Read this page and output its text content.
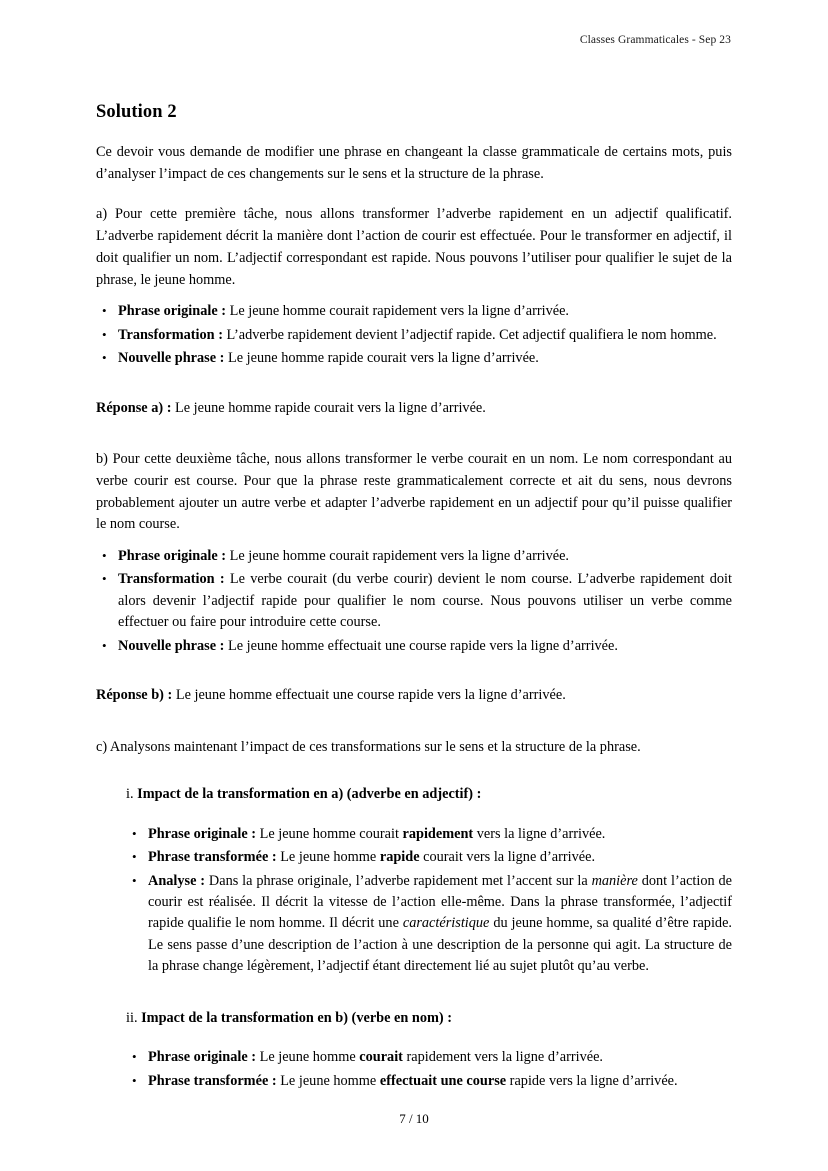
Classes Grammaticales - Sep 23
Solution 2

Ce devoir vous demande de modifier une phrase en changeant la classe grammaticale de certains mots, puis d’analyser l’impact de ces changements sur le sens et la structure de la phrase.

a) Pour cette première tâche, nous allons transformer l’adverbe rapidement en un adjectif qualificatif. L’adverbe rapidement décrit la manière dont l’action de courir est effectuée. Pour le transformer en adjectif, il doit qualifier un nom. L’adjectif correspondant est rapide. Nous pouvons l’utiliser pour qualifier le sujet de la phrase, le jeune homme.

• Phrase originale : Le jeune homme courait rapidement vers la ligne d’arrivée.
• Transformation : L’adverbe rapidement devient l’adjectif rapide. Cet adjectif qualifiera le nom homme.
• Nouvelle phrase : Le jeune homme rapide courait vers la ligne d’arrivée.

Réponse a) : Le jeune homme rapide courait vers la ligne d’arrivée.

b) Pour cette deuxième tâche, nous allons transformer le verbe courait en un nom. Le nom correspondant au verbe courir est course. Pour que la phrase reste grammaticalement correcte et ait du sens, nous devrons probablement ajouter un autre verbe et adapter l’adverbe rapidement en un adjectif pour qu’il puisse qualifier le nom course.

• Phrase originale : Le jeune homme courait rapidement vers la ligne d’arrivée.
• Transformation : Le verbe courait (du verbe courir) devient le nom course. L’adverbe rapidement doit alors devenir l’adjectif rapide pour qualifier le nom course. Nous pouvons utiliser un verbe comme effectuer ou faire pour introduire cette course.
• Nouvelle phrase : Le jeune homme effectuait une course rapide vers la ligne d’arrivée.

Réponse b) : Le jeune homme effectuait une course rapide vers la ligne d’arrivée.

c) Analysons maintenant l’impact de ces transformations sur le sens et la structure de la phrase.

i. Impact de la transformation en a) (adverbe en adjectif) :

• Phrase originale : Le jeune homme courait rapidement vers la ligne d’arrivée.
• Phrase transformée : Le jeune homme rapide courait vers la ligne d’arrivée.
• Analyse : Dans la phrase originale, l’adverbe rapidement met l’accent sur la manière dont l’action de courir est réalisée. Il décrit la vitesse de l’action elle-même. Dans la phrase transformée, l’adjectif rapide qualifie le nom homme. Il décrit une caractéristique du jeune homme, sa qualité d’être rapide. Le sens passe d’une description de l’action à une description de la personne qui agit. La structure de la phrase change légèrement, l’adjectif étant directement lié au sujet plutôt qu’au verbe.

ii. Impact de la transformation en b) (verbe en nom) :

• Phrase originale : Le jeune homme courait rapidement vers la ligne d’arrivée.
• Phrase transformée : Le jeune homme effectuait une course rapide vers la ligne d’arrivée.
7 / 10
